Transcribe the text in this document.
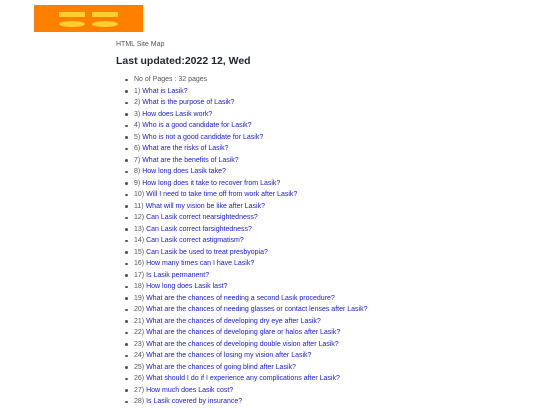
HTML Site Map
Last updated:2022 12, Wed
No of Pages : 32 pages
1) What is Lasik?
2) What is the purpose of Lasik?
3) How does Lasik work?
4) Who is a good candidate for Lasik?
5) Who is not a good candidate for Lasik?
6) What are the risks of Lasik?
7) What are the benefits of Lasik?
8) How long does Lasik take?
9) How long does it take to recover from Lasik?
10) Will I need to take time off from work after Lasik?
11) What will my vision be like after Lasik?
12) Can Lasik correct nearsightedness?
13) Can Lasik correct farsightedness?
14) Can Lasik correct astigmatism?
15) Can Lasik be used to treat presbyopia?
16) How many times can I have Lasik?
17) Is Lasik permanent?
18) How long does Lasik last?
19) What are the chances of needing a second Lasik procedure?
20) What are the chances of needing glasses or contact lenses after Lasik?
21) What are the chances of developing dry eye after Lasik?
22) What are the chances of developing glare or halos after Lasik?
23) What are the chances of developing double vision after Lasik?
24) What are the chances of losing my vision after Lasik?
25) What are the chances of going blind after Lasik?
26) What should I do if I experience any complications after Lasik?
27) How much does Lasik cost?
28) Is Lasik covered by insurance?
